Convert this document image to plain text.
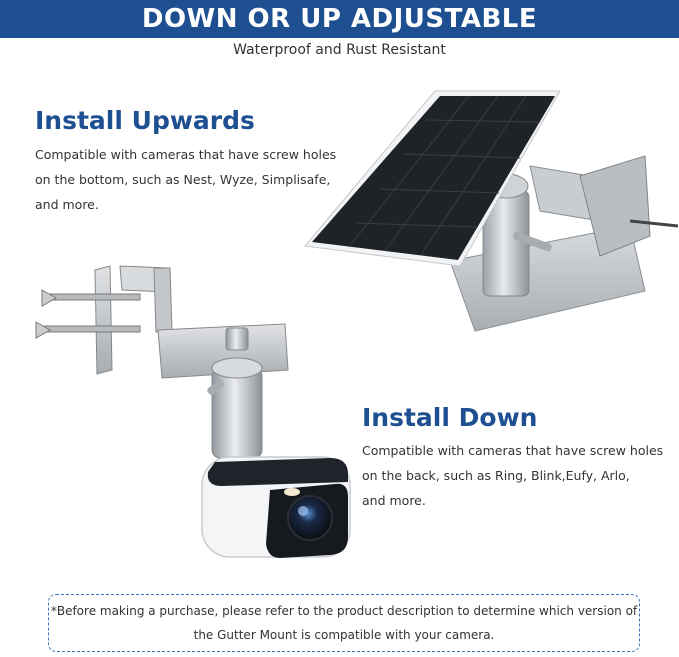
DOWN OR UP ADJUSTABLE
Waterproof and Rust Resistant
Install Upwards
Compatible with cameras that have screw holes
on the bottom, such as Nest, Wyze, Simplisafe,
and more.
Install Down
Compatible with cameras that have screw holes
on the back, such as Ring, Blink,Eufy, Arlo,
and more.
*Before making a purchase, please refer to the product description to determine which version of
the Gutter Mount is compatible with your camera.
